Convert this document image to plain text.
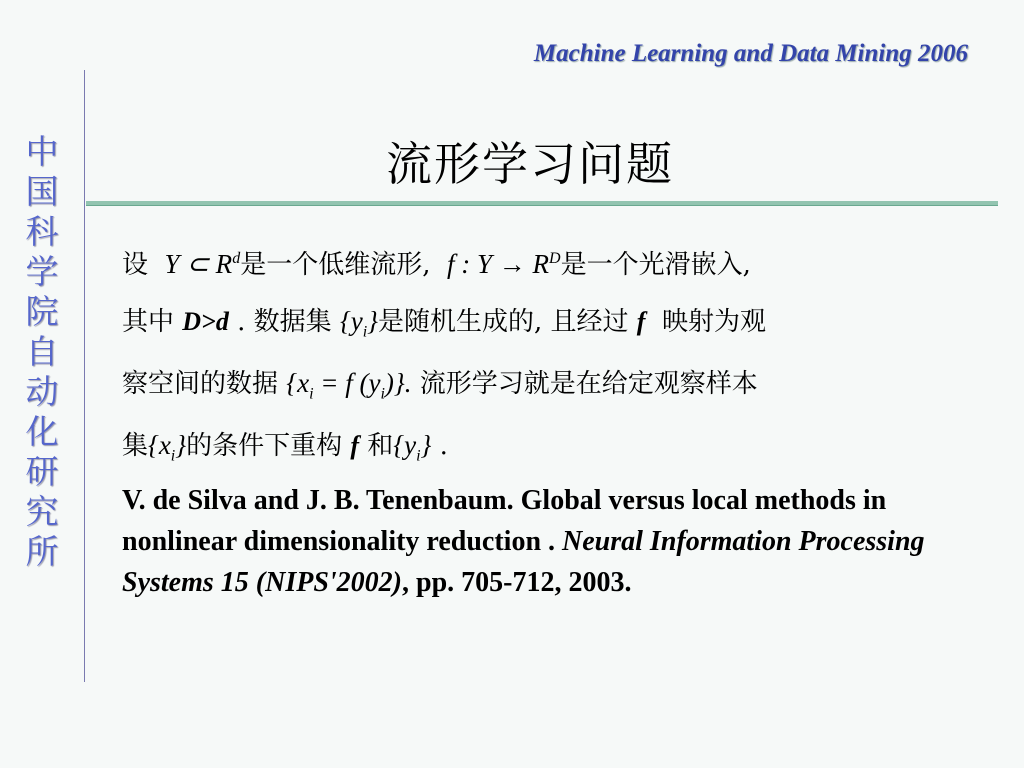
Machine Learning and Data Mining 2006
中
国
科
学
院
自
动
化
研
究
所
流形学习问题
设 Y ⊂ $R^d$是一个低维流形, f : $Y \to R^D$是一个光滑嵌入,
其中 D>d . 数据集 $\{y_i\}$是随机生成的, 且经过 f 映射为观
察空间的数据 {$x_i = f$ $(y_i)$}. 流形学习就是在给定观察样本
集$\{x_i\}$的条件下重构 f 和$\{y_i\}$ .
V. de Silva and J. B. Tenenbaum. Global versus local methods in nonlinear dimensionality reduction . Neural Information Processing Systems 15 (NIPS'2002), pp. 705-712, 2003.
